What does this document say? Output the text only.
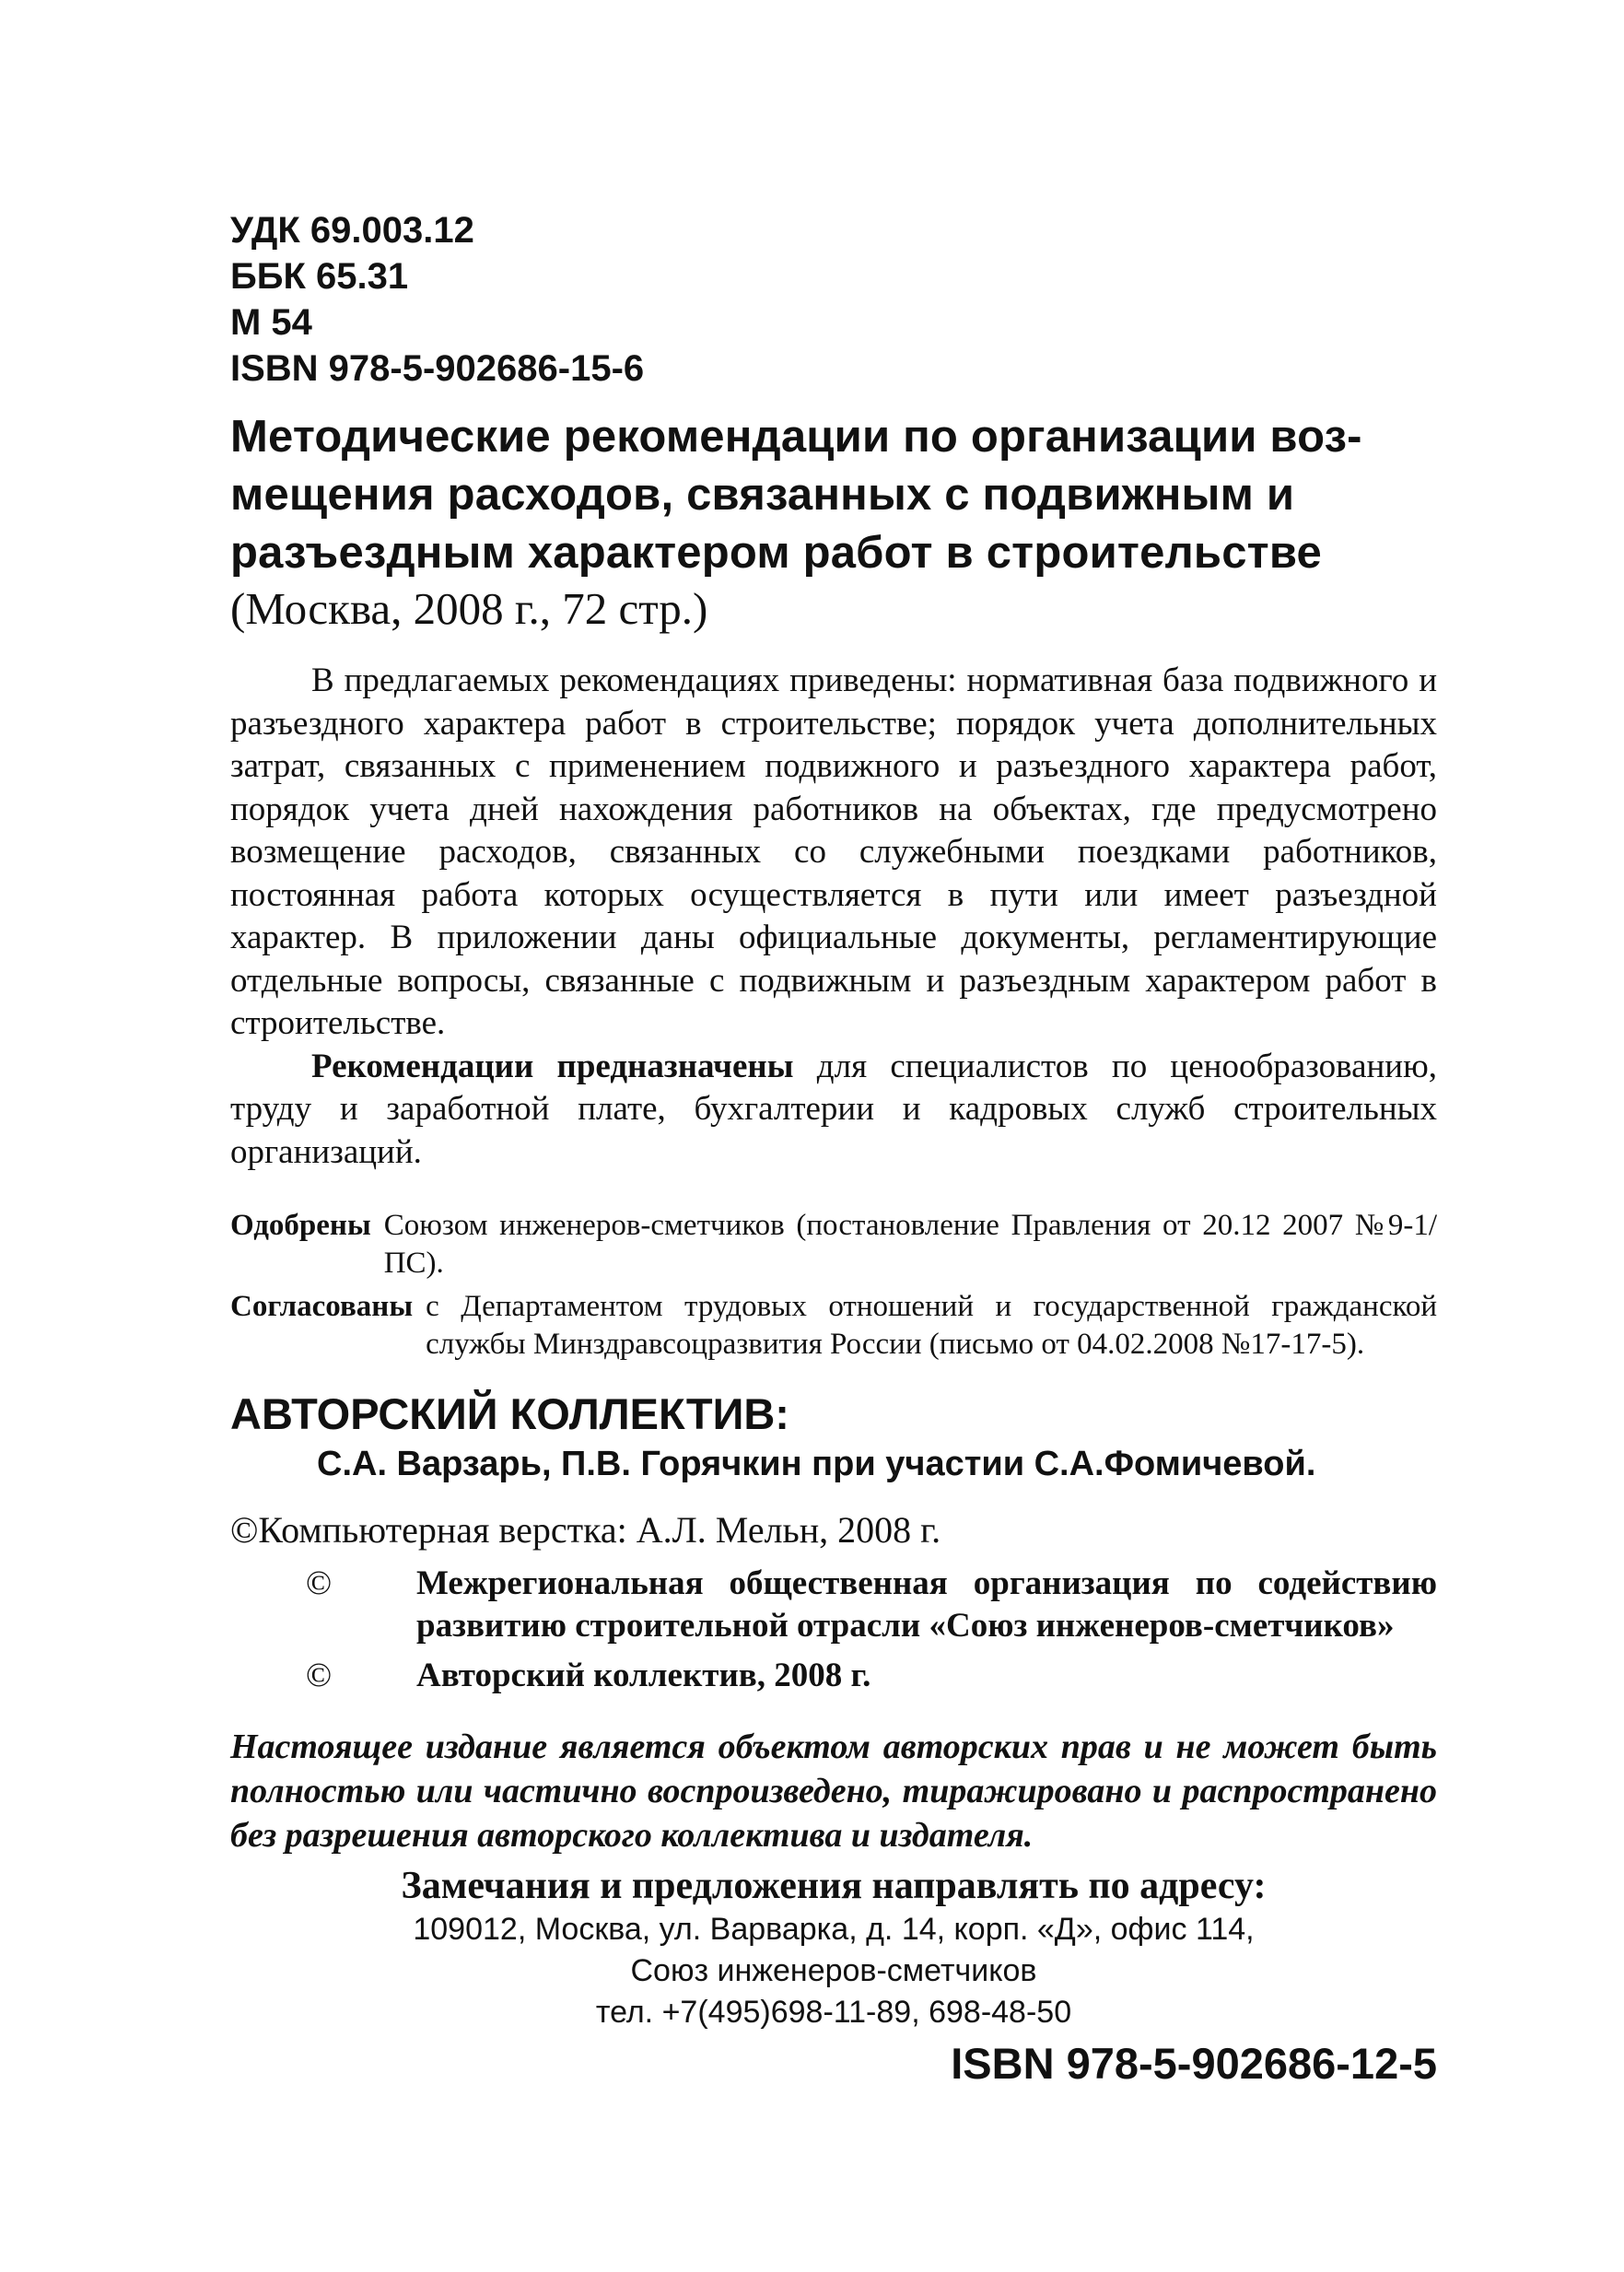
УДК 69.003.12
ББК 65.31
М 54
ISBN 978-5-902686-15-6
Методические рекомендации по организации воз-
мещения расходов, связанных с подвижным и
разъездным характером работ в строительстве
(Москва, 2008 г., 72 стр.)

В предлагаемых рекомендациях приведены: нормативная база подвижного и разъездного характера работ в строительстве; порядок учета дополнительных затрат, связанных с применением подвижного и разъездного характера работ, порядок учета дней нахождения работников на объектах, где предусмотрено возмещение расходов, связанных со служебными поездками работников, постоянная работа которых осуществляется в пути или имеет разъездной характер. В приложении даны официальные документы, регламентирующие отдельные вопросы, связанные с подвижным и разъездным характером работ в строительстве.

Рекомендации предназначены для специалистов по ценообразованию, труду и заработной плате, бухгалтерии и кадровых служб строительных организаций.

Одобрены Союзом инженеров-сметчиков (постановление Правления от 20.12 2007 №9-1/ПС).
Согласованы с Департаментом трудовых отношений и государственной гражданской службы Минздравсоцразвития России (письмо от 04.02.2008 №17-17-5).
АВТОРСКИЙ КОЛЛЕКТИВ:
С.А. Варзарь, П.В. Горячкин при участии С.А.Фомичевой.
©Компьютерная верстка: А.Л. Мельн, 2008 г.
©	Межрегиональная общественная организация по содействию развитию строительной отрасли «Союз инженеров-сметчиков»
©	Авторский коллектив, 2008 г.
Настоящее издание является объектом авторских прав и не может быть полностью или частично воспроизведено, тиражировано и распространено без разрешения авторского коллектива и издателя.
Замечания и предложения направлять по адресу:
109012, Москва, ул. Варварка, д. 14, корп. «Д», офис 114,
Союз инженеров-сметчиков
тел. +7(495)698-11-89, 698-48-50
ISBN 978-5-902686-12-5
